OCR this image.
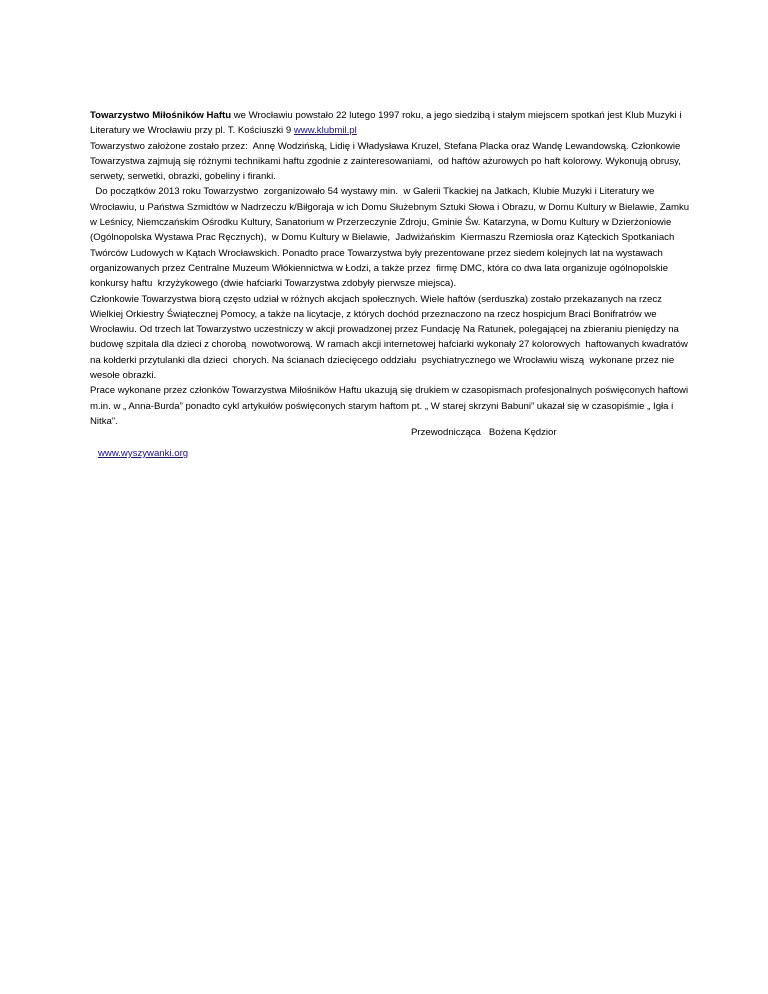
Towarzystwo Miłośników Haftu we Wrocławiu powstało 22 lutego 1997 roku, a jego siedzibą i stałym miejscem spotkań jest Klub Muzyki i Literatury we Wrocławiu przy pl. T. Kościuszki 9 www.klubmil.pl

Towarzystwo założone zostało przez:  Annę Wodzińską, Lidię i Władysława Kruzel, Stefana Placka oraz Wandę Lewandowską. Członkowie Towarzystwa zajmują się różnymi technikami haftu zgodnie z zainteresowaniami,  od haftów ażurowych po haft kolorowy. Wykonują obrusy, serwety, serwetki, obrazki, gobeliny i firanki.

Do początków 2013 roku Towarzystwo  zorganizowało 54 wystawy min.  w Galerii Tkackiej na Jatkach, Klubie Muzyki i Literatury we Wrocławiu, u Państwa Szmidtów w Nadrzeczu k/Biłgoraja w ich Domu Służebnym Sztuki Słowa i Obrazu, w Domu Kultury w Bielawie, Zamku w Leśnicy, Niemczańskim Ośrodku Kultury, Sanatorium w Przerzeczynie Zdroju, Gminie Św. Katarzyna, w Domu Kultury w Dzierżoniowie (Ogólnopolska Wystawa Prac Ręcznych),  w Domu Kultury w Bielawie,  Jadwiżańskim  Kiermaszu Rzemiosła oraz Kąteckich Spotkaniach Twórców Ludowych w Kątach Wrocławskich. Ponadto prace Towarzystwa były prezentowane przez siedem kolejnych lat na wystawach organizowanych przez Centralne Muzeum Włókiennictwa w Łodzi, a także przez  firmę DMC, która co dwa lata organizuje ogólnopolskie konkursy haftu  krzyżykowego (dwie hafciarki Towarzystwa zdobyły pierwsze miejsca).

Członkowie Towarzystwa biorą często udział w różnych akcjach społecznych. Wiele haftów (serduszka) zostało przekazanych na rzecz Wielkiej Orkiestry Świątecznej Pomocy, a także na licytacje, z których dochód przeznaczono na rzecz hospicjum Braci Bonifratrów we Wrocławiu. Od trzech lat Towarzystwo uczestniczy w akcji prowadzonej przez Fundację Na Ratunek, polegającej na zbieraniu pieniędzy na budowę szpitala dla dzieci z chorobą  nowotworową. W ramach akcji internetowej hafciarki wykonały 27 kolorowych  haftowanych kwadratów na kołderki przytulanki dla dzieci  chorych. Na ścianach dziecięcego oddziału  psychiatrycznego we Wrocławiu wiszą  wykonane przez nie wesołe obrazki.

Prace wykonane przez członków Towarzystwa Miłośników Haftu ukazują się drukiem w czasopismach profesjonalnych poświęconych haftowi m.in. w „ Anna-Burda” ponadto cykl artykułów poświęconych starym haftom pt. „ W starej skrzyni Babuni” ukazał się w czasopiśmie „ Igła i Nitka”.

Przewodnicząca   Bożena Kędzior
www.wyszywanki.org
